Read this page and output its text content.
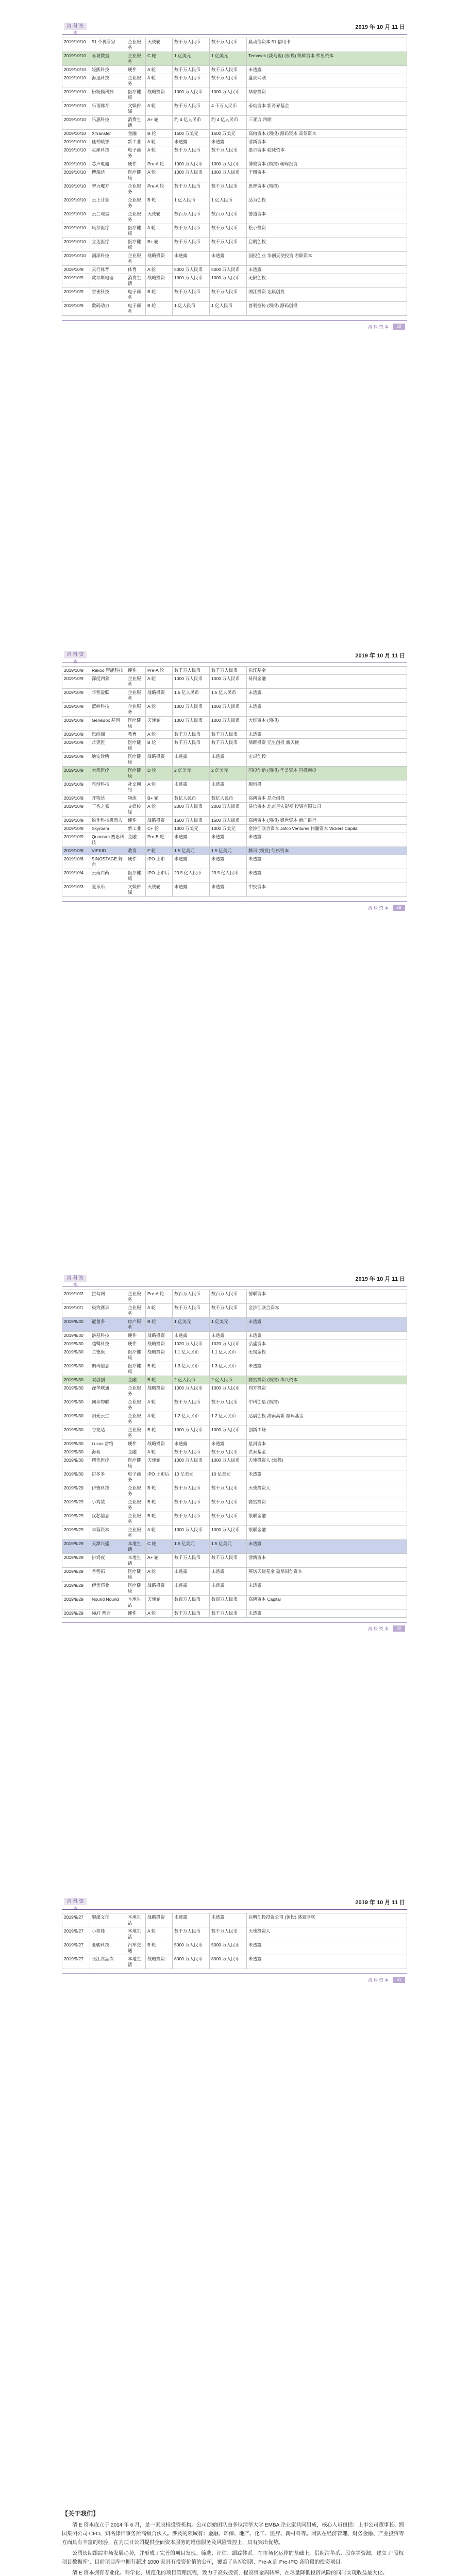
清 科 资 本
2019 年 10 月 11 日
2019/10/10	51 个税管家	企业服务	天使轮	数千万人民币	数千万人民币	晨动信资本 51 信用卡
2019/10/10	易观数据	企业服务	C 轮	1 亿美元	1 亿美元	Temasek (淡马锡) (领投) 凯辉资本 弗思资本
2019/10/10	轻熊科技	硬件	A 轮	数千万人民币	数千万人民币	未透露
2019/10/10	海迅科技	企业服务	A 轮	数千万人民币	数千万人民币	盛景网联
2019/10/10	粉粉膜科技	医疗健康	战略投资	1000 万人民币	1000 万人民币	华睿投资
2019/10/10	乐语体育	文娱传媒	A 轮	数千万人民币	4 千万人民币	泰灿资本 新奇界基金
2019/10/10	乐惠科技	消费生活	A+ 轮	约 4 亿人民币	约 4 亿人民币	三亚力 四期
2019/10/10	XTransfer	金融	B 轮	1500 万美元	1500 万美元	高榕资本 (领投) 源码资本 高瓴资本
2019/10/10	佳柏暖智	新工业	A 轮	未透露	未透露	清新资本
2019/10/10	灵犀科技	电子商务	A 轮	数千万人民币	数千万人民币	墨卓资本 乾驰资本
2019/10/10	芯声电器	硬件	Pre-A 轮	1000 万人民币	1000 万人民币	博俊资本 (领投) 朝晖投资
2019/10/10	博瑞达	医疗健康	A 轮	1000 万人民币	1000 万人民币	千图资本
2019/10/10	智力魔方	企业服务	Pre-A 轮	数千万人民币	数千万人民币	思智资本 (领投)
2019/10/10	云上计算	企业服务	B 轮	1 亿人民币	1 亿人民币	达为创投
2019/10/10	云兰观星	企业服务	天使轮	数百万人民币	数百万人民币	德道资本
2019/10/10	康尔医疗	医疗健康	A 轮	数千万人民币	数千万人民币	松小投资
2019/10/10	立达医疗	医疗健康	B+ 轮	数千万人民币	数千万人民币	启明创投
2019/10/10	润泽科技	企业服务	战略投资	未透露	未透露	国投创业 华创天使投资 君联资本
2019/10/9	云行体育	体育	A 轮	5000 万人民币	5000 万人民币	未透露
2019/10/9	欧尔斯电器	消费生活	战略投资	1000 万人民币	1000 万人民币	无限创投
2019/10/9	雪雀科技	电子商务	B 轮	数千万人民币	数千万人民币	湘江投资 达晨创投
2019/10/9	数码动力	电子商务	B 轮	1 亿人民币	1 亿人民币	普利恒传 (领投) 源码创投
清 科 资 本	28
清 科 资 本
2019 年 10 月 11 日
2019/10/9	Rakoo 智能科技	硬件	Pre-A 轮	数千万人民币	数千万人民币	松江基金
2019/10/9	深度四象	企业服务	A 轮	1000 万人民币	1000 万人民币	易科金融
2019/10/9	华智盈联	企业服务	战略投资	1.5 亿人民币	1.5 亿人民币	未透露
2019/10/9	蓝岭科技	企业服务	A 轮	1000 万人民币	1000 万人民币	未透露
2019/10/9	GeneBox 基因	医疗健康	天使轮	1000 万人民币	1000 万人民币	大钰资本 (领投)
2019/10/9	思维阁	教育	A 轮	数千万人民币	数千万人民币	未透露
2019/10/9	常笑医	医疗健康	B 轮	数千万人民币	数千万人民币	鼎晖投资 元生创投 新天使
2019/10/9	迪安诊所	医疗健康	战略投资	未透露	未透露	宏卓创投
2019/10/9	大禾医疗	医疗健康	D 轮	2 亿美元	2 亿美元	国投创新 (领投) 华盖资本 国投创投
2019/10/9	雅创科技	社交网络	A 轮	未透露	未透露	顺创投
2019/10/9	开物达	物流	B+ 轮	数亿人民币	数亿人民币	高鸿资本 昆仑创投
2019/10/9	丁香之家	文娱传媒	A 轮	2000 万人民币	2000 万人民币	易信资本 北京星宏影视 投资有限公司
2019/10/9	锐仕科技机器人	硬件	战略投资	1500 万人民币	1500 万人民币	高鸿资本 (领投) 盛世资本 新广银行
2019/10/9	Skyroam	新工业	C+ 轮	1000 万美元	1000 万美元	金沙江联合资本 Jafco Ventures 伟瀚资本 Vickers Capital
2019/10/9	Quantum 赛思科技	金融	Pre-B 轮	未透露	未透露	未透露
2019/10/8	VIPKID	教育	F 轮	1.5 亿美元	1.5 亿美元	腾讯 (领投) 红杉资本
2019/10/8	SINOSTAGE 舞台	硬件	IPO 上市	未透露	未透露	未透露
2019/10/4	云南白药	医疗健康	IPO 上市后	23.5 亿人民币	23.5 亿人民币	未透露
2019/10/3	爱乐乐	文娱传媒	天使轮	未透露	未透露	中投资本
清 科 资 本	29
清 科 资 本
2019 年 10 月 11 日
2019/10/2	拉勾网	企业服务	Pre-A 轮	数百万人民币	数百万人民币	德联资本
2019/10/1	极致赛享	企业服务	A 轮	数千万人民币	数千万人民币	金沙江联合资本
2019/9/30	能量多	房产服务	B 轮	1 亿美元	1 亿美元	未透露
2019/9/30	洛基科技	硬件	战略投资	未透露	未透露	未透露
2019/9/30	越鹭科技	硬件	战略投资	1020 万人民币	1020 万人民币	弘盛资本
2019/9/30	兰德康	医疗健康	战略投资	1.1 亿人民币	1.1 亿人民币	无锡金投
2019/9/30	朗玛信息	医疗健康	B 轮	1.3 亿人民币	1.3 亿人民币	未透露
2019/9/30	双创创	金融	B 轮	2 亿人民币	2 亿人民币	赛富投资 (领投) 华兴资本
2019/9/30	深华联通	企业服务	战略投资	1000 万人民币	1000 万人民币	同方投资
2019/9/30	同享物联	企业服务	A 轮	数千万人民币	数千万人民币	中科创星 (领投)
2019/9/30	阳光云生	企业服务	A 轮	1.2 亿人民币	1.2 亿人民币	达晨创投 湖南高新 鼎晖基金
2019/9/30	谷龙达	企业服务	B 轮	1000 万人民币	1000 万人民币	创新工场
2019/9/30	Lucus 雷络	硬件	战略投资	未透露	未透露	星河资本
2019/9/30	海易	金融	A 轮	数千万人民币	数千万人民币	洪泰基金
2019/9/30	精优医疗	医疗健康	天使轮	1000 万人民币	1000 万人民币	天使投资人 (领投)
2019/9/30	拼多多	电子商务	IPO 上市后	10 亿美元	10 亿美元	未透露
2019/9/29	伊德科技	企业服务	B 轮	数千万人民币	数千万人民币	天使投资人
2019/9/29	小鸡装	企业服务	B 轮	数千万人民币	数千万人民币	赛富投资
2019/9/29	优芯信息	企业服务	B 轮	数千万人民币	数千万人民币	银联金融
2019/9/29	丰蓉资本	企业服务	A 轮	1000 万人民币	1000 万人民币	银联金融
2019/9/29	天潭兴盛	本地生活	C 轮	1.5 亿美元	1.5 亿美元	未透露
2019/9/29	拼鸡夜	本地生活	A+ 轮	数千万人民币	数千万人民币	清新资本
2019/9/29	普智拓	医疗健康	A 轮	未透露	未透露	英诺天使基金 盈鼎同创资本
2019/9/29	伊优药业	医疗健康	战略投资	未透露	未透露	未透露
2019/9/29	Nound Nound	本地生活	天使轮	数百万人民币	数百万人民币	高鸿资本 Capital
2019/9/29	NUT 智造	硬件	A 轮	数千万人民币	数千万人民币	未透露
清 科 资 本	30
清 科 资 本
2019 年 10 月 11 日
2019/9/27	醒濠文化	本地生活	战略投资	未透露	未透露	启明创投投资公司 (领投) 盛景网联
2019/9/27	小桂娃	本地生活	A 轮	数千万人民币	数千万人民币	天使投资人
2019/9/27	亚骏科技	汽车交通	B 轮	5000 万人民币	5000 万人民币	未透露
2019/9/27	长江食品饮	本地生活	战略投资	8000 万人民币	8000 万人民币	未透露
清 科 资 本	31
【关于我们】

清 E 资本成立于 2014 年 6 月，是一家股权投资机构。公司创始团队由多位清华大学 EMBA 企业家共同组成，核心人员包括：上市公司董事长、跨国集团公司 CFO、知名律师事务所高级合伙人。涉及的领域有：金融、环保、地产、化工、医疗、新材料等。团队在经济管理、财务金融、产业投资等方面具有丰富的经验，在为项目公司提供全面资本服务的增值服务及风险管控上，具有突出优势。

公司长期跟踪市场发展趋势，并形成了完善的项目发现、筛选、评估、跟踪体系。在市场化运作的基础上，借助清华系、股东等资源，建立了“股权项目数据库”，目前项目库中拥有超过 1000 家具有投资价值的公司，覆盖了从初创期、Pre-A 到 Pre-IPO 各阶段的投资项目。

清 E 资本拥有专业化、科学化、规范化的项目管理流程，致力于高效投资，提高资金周转率，在尽量降低投资风险的同时实现收益最大化。
